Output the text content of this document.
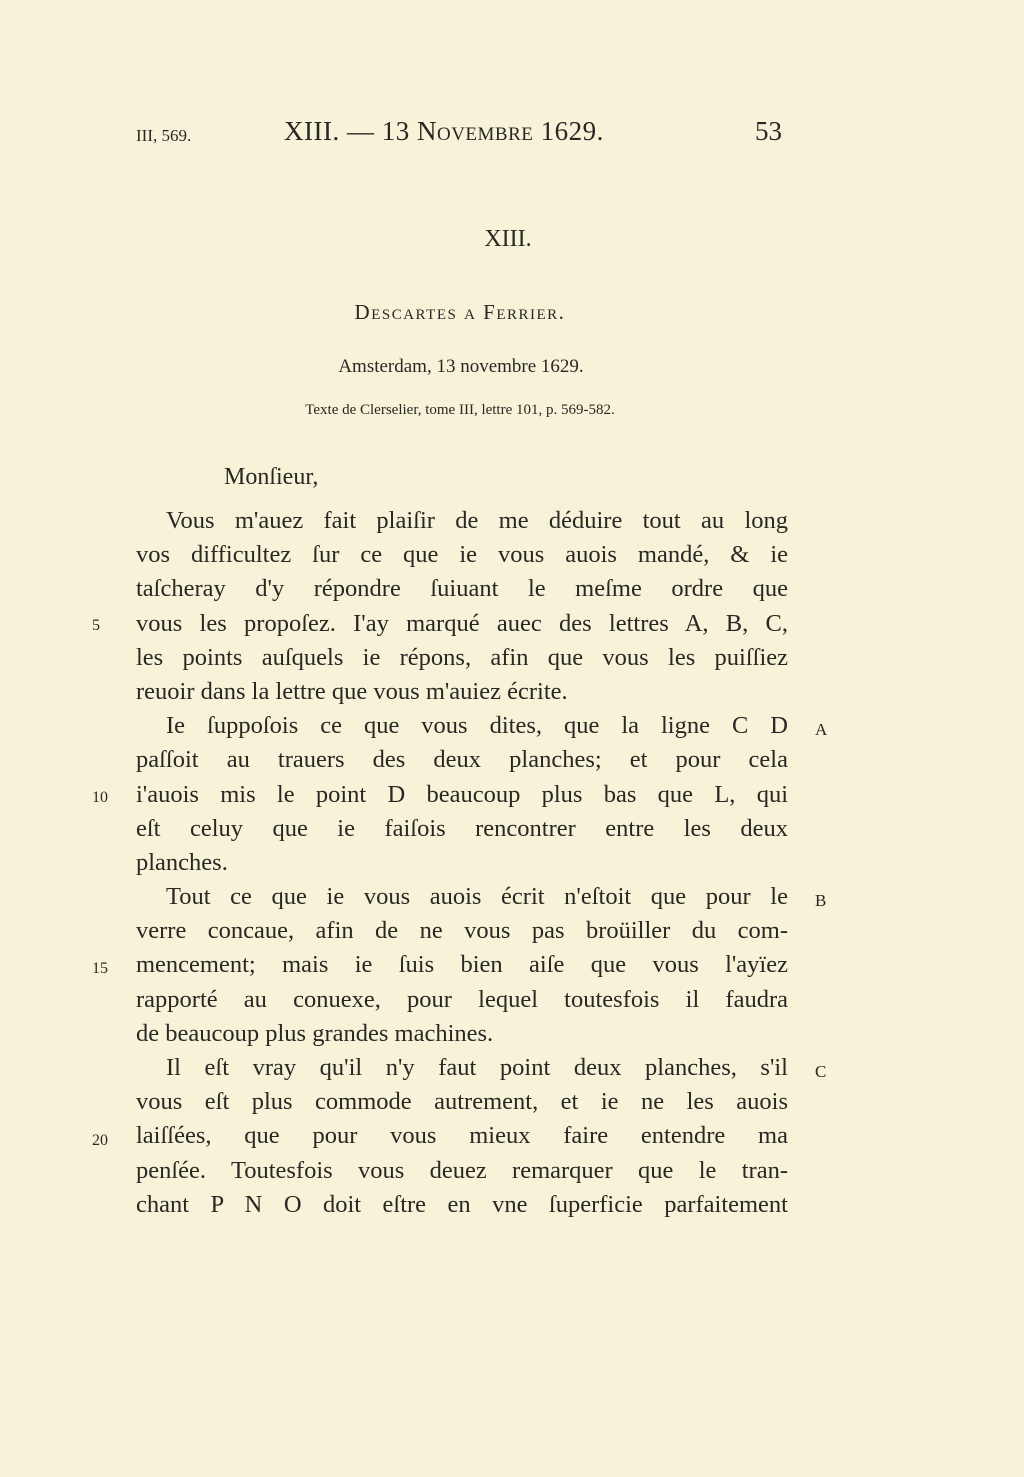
III, 569.	XIII. — 13 Novembre 1629.	53
XIII.
Descartes a Ferrier.
Amsterdam, 13 novembre 1629.
Texte de Clerselier, tome III, lettre 101, p. 569-582.
Monſieur,
Vous m'auez fait plaiſir de me déduire tout au long
vos difficultez ſur ce que ie vous auois mandé, & ie
taſcheray d'y répondre ſuiuant le meſme ordre que
vous les propoſez. I'ay marqué auec des lettres A, B, C,
les points auſquels ie répons, afin que vous les puiſſiez
reuoir dans la lettre que vous m'auiez écrite.
Ie ſuppoſois ce que vous dites, que la ligne C D
paſſoit au trauers des deux planches; et pour cela
i'auois mis le point D beaucoup plus bas que L, qui
eſt celuy que ie faiſois rencontrer entre les deux
planches.
Tout ce que ie vous auois écrit n'eſtoit que pour le
verre concaue, afin de ne vous pas broüiller du com-
mencement; mais ie ſuis bien aiſe que vous l'ayïez
rapporté au conuexe, pour lequel toutesfois il faudra
de beaucoup plus grandes machines.
Il eſt vray qu'il n'y faut point deux planches, s'il
vous eſt plus commode autrement, et ie ne les auois
laiſſées, que pour vous mieux faire entendre ma
penſée. Toutesfois vous deuez remarquer que le tran-
chant P N O doit eſtre en vne ſuperficie parfaitement
5
10
15
20
A
B
C
